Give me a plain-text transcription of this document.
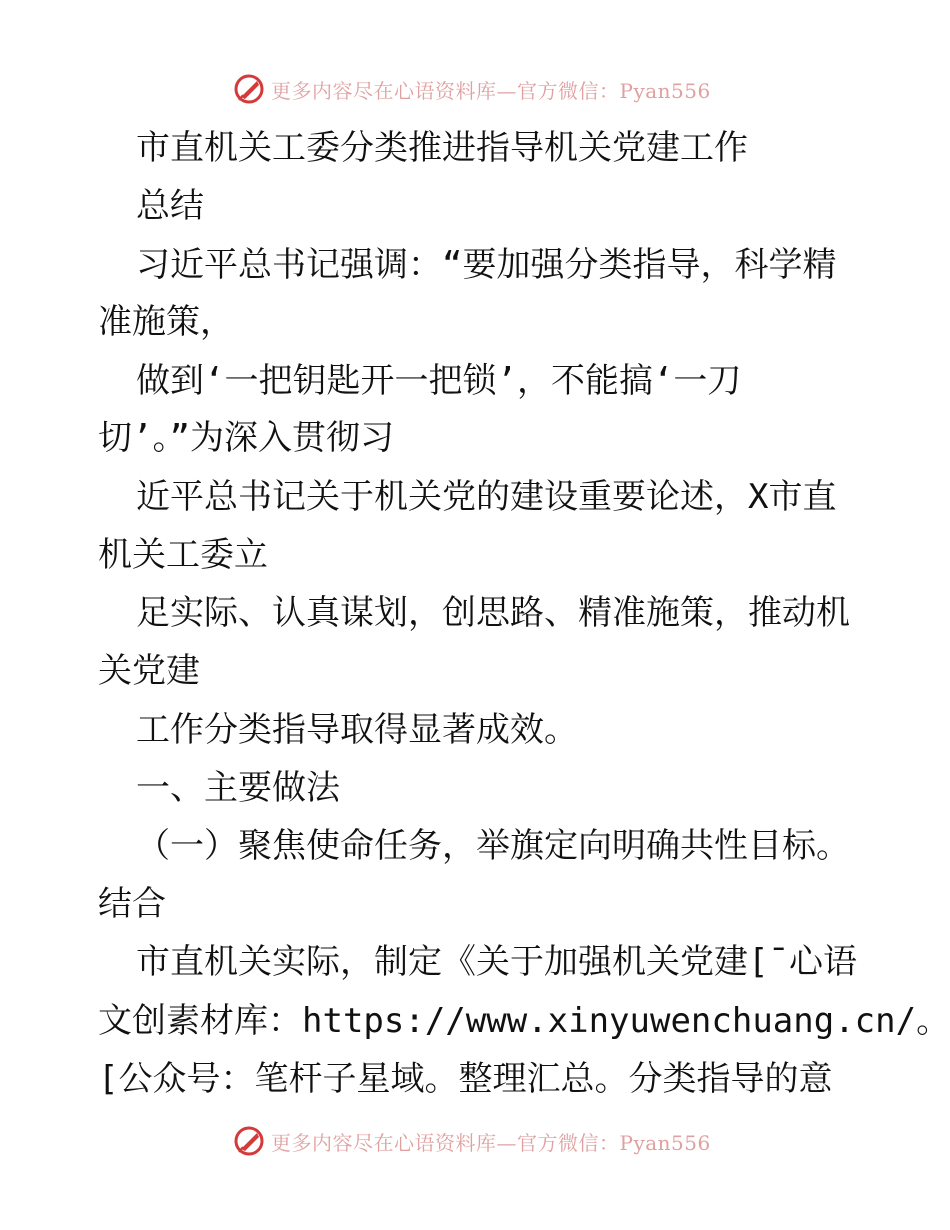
更多内容尽在心语资料库—官方微信：Pyan556
市直机关工委分类推进指导机关党建工作
总结
习近平总书记强调：“要加强分类指导，科学精
准施策，
做到‘一把钥匙开一把锁’，不能搞‘一刀
切’。”为深入贯彻习
近平总书记关于机关党的建设重要论述，X市直
机关工委立
足实际、认真谋划，创思路、精准施策，推动机
关党建
工作分类指导取得显著成效。
一、主要做法
（一）聚焦使命任务，举旗定向明确共性目标。
结合
市直机关实际，制定《关于加强机关党建[¯心语
文创素材库：https://www.xinyuwenchuang.cn/。
[公众号：笔杆子星域。整理汇总。分类指导的意
更多内容尽在心语资料库—官方微信：Pyan556
